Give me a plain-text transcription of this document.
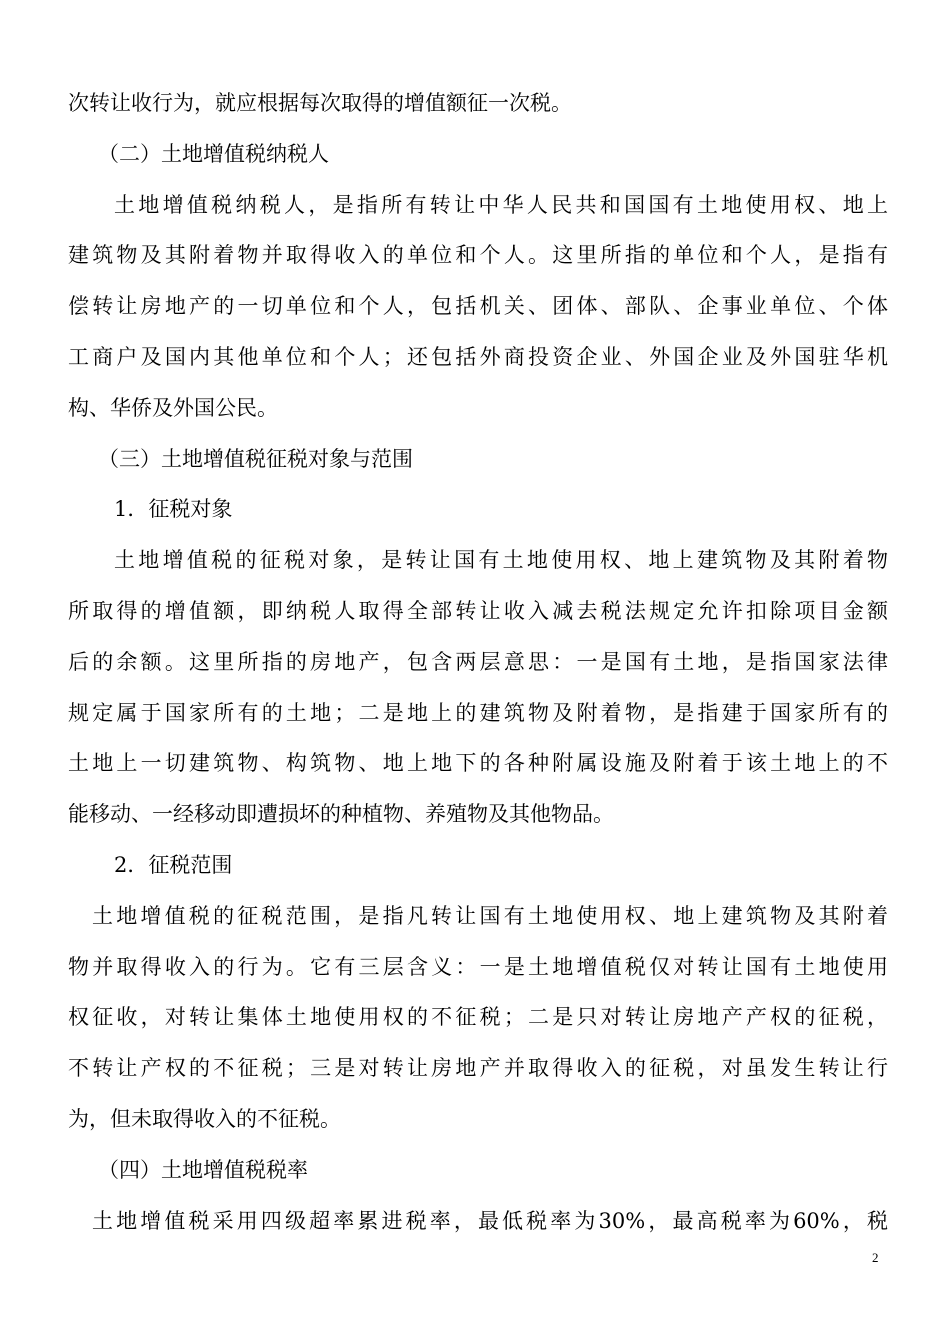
次转让收行为，就应根据每次取得的增值额征一次税。
（二）土地增值税纳税人
土地增值税纳税人，是指所有转让中华人民共和国国有土地使用权、地上
建筑物及其附着物并取得收入的单位和个人。这里所指的单位和个人，是指有
偿转让房地产的一切单位和个人，包括机关、团体、部队、企事业单位、个体
工商户及国内其他单位和个人；还包括外商投资企业、外国企业及外国驻华机
构、华侨及外国公民。
（三）土地增值税征税对象与范围
1．征税对象
土地增值税的征税对象，是转让国有土地使用权、地上建筑物及其附着物
所取得的增值额，即纳税人取得全部转让收入减去税法规定允许扣除项目金额
后的余额。这里所指的房地产，包含两层意思：一是国有土地，是指国家法律
规定属于国家所有的土地；二是地上的建筑物及附着物，是指建于国家所有的
土地上一切建筑物、构筑物、地上地下的各种附属设施及附着于该土地上的不
能移动、一经移动即遭损坏的种植物、养殖物及其他物品。
2．征税范围
土地增值税的征税范围，是指凡转让国有土地使用权、地上建筑物及其附着
物并取得收入的行为。它有三层含义：一是土地增值税仅对转让国有土地使用
权征收，对转让集体土地使用权的不征税；二是只对转让房地产产权的征税，
不转让产权的不征税；三是对转让房地产并取得收入的征税，对虽发生转让行
为，但未取得收入的不征税。
（四）土地增值税税率
土地增值税采用四级超率累进税率，最低税率为30%，最高税率为60%，税
2
